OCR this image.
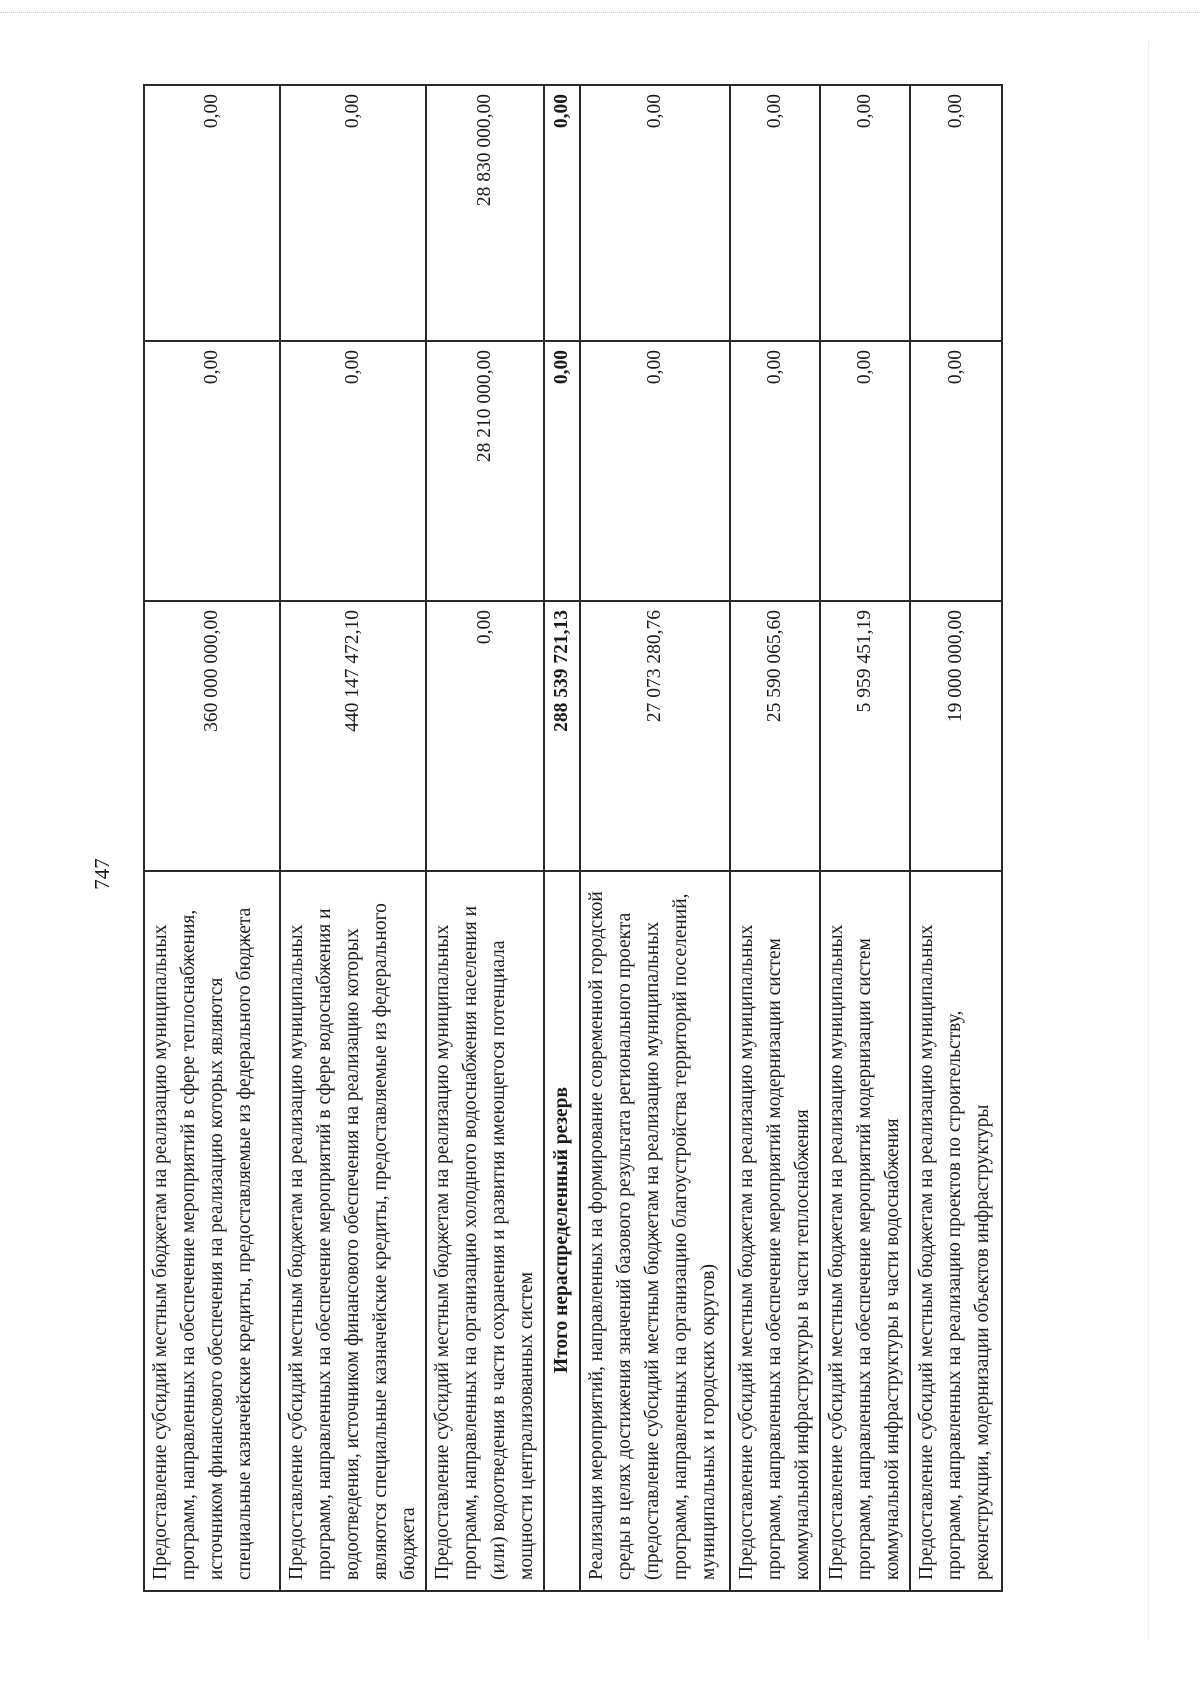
747
Предоставление субсидий местным бюджетам на реализацию муниципальных программ, направленных на обеспечение мероприятий в сфере теплоснабжения, источником финансового обеспечения на реализацию которых являются специальные казначейские кредиты, предоставляемые из федерального бюджета	360 000 000,00	0,00	0,00
Предоставление субсидий местным бюджетам на реализацию муниципальных программ, направленных на обеспечение мероприятий в сфере водоснабжения и водоотведения, источником финансового обеспечения на реализацию которых являются специальные казначейские кредиты, предоставляемые из федерального бюджета	440 147 472,10	0,00	0,00
Предоставление субсидий местным бюджетам на реализацию муниципальных программ, направленных на организацию холодного водоснабжения населения и (или) водоотведения в части сохранения и развития имеющегося потенциала мощности централизованных систем	0,00	28 210 000,00	28 830 000,00
Итого нераспределенный резерв	288 539 721,13	0,00	0,00
Реализация мероприятий, направленных на формирование современной городской среды в целях достижения значений базового результата регионального проекта (предоставление субсидий местным бюджетам на реализацию муниципальных программ, направленных на организацию благоустройства территорий поселений, муниципальных и городских округов)	27 073 280,76	0,00	0,00
Предоставление субсидий местным бюджетам на реализацию муниципальных программ, направленных на обеспечение мероприятий модернизации систем коммунальной инфраструктуры в части теплоснабжения	25 590 065,60	0,00	0,00
Предоставление субсидий местным бюджетам на реализацию муниципальных программ, направленных на обеспечение мероприятий модернизации систем коммунальной инфраструктуры в части водоснабжения	5 959 451,19	0,00	0,00
Предоставление субсидий местным бюджетам на реализацию муниципальных программ, направленных на реализацию проектов по строительству, реконструкции, модернизации объектов инфраструктуры	19 000 000,00	0,00	0,00
